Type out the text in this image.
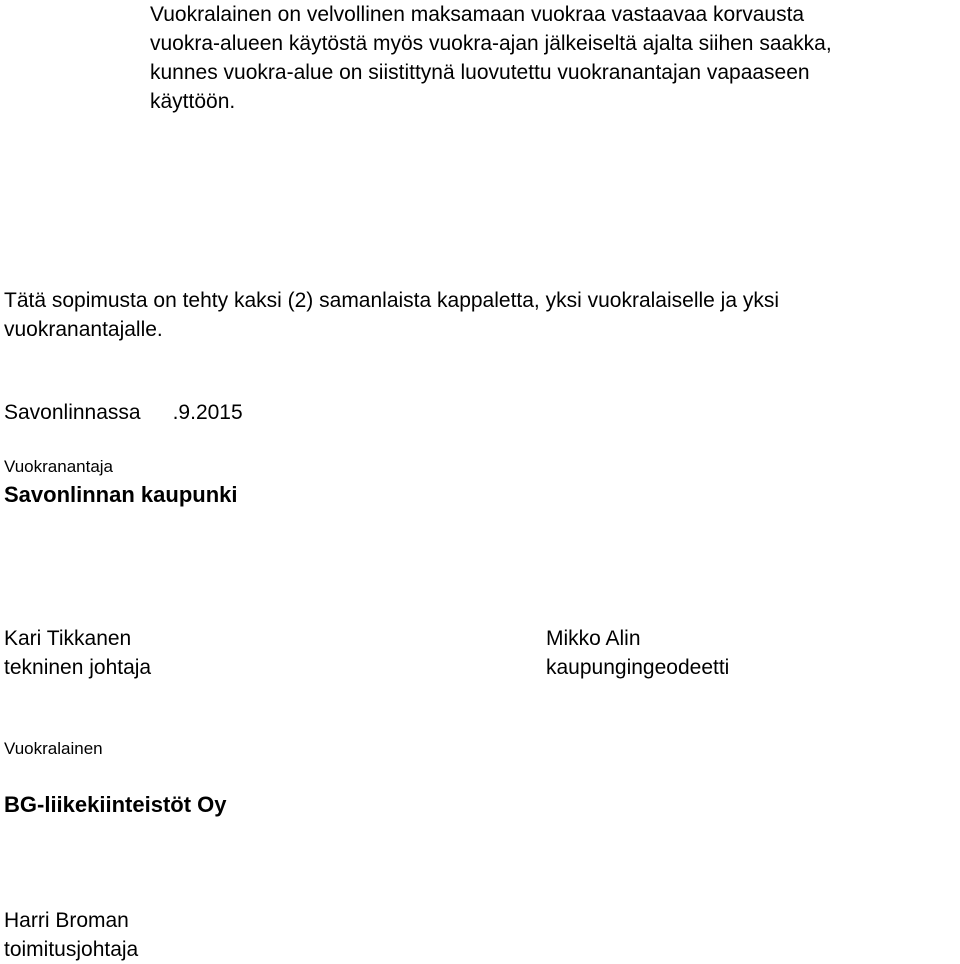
Vuokralainen on velvollinen maksamaan vuokraa vastaavaa korvausta
vuokra-alueen käytöstä myös vuokra-ajan jälkeiseltä ajalta siihen saakka,
kunnes vuokra-alue on siistittynä luovutettu vuokranantajan vapaaseen
käyttöön.
Tätä sopimusta on tehty kaksi (2) samanlaista kappaletta, yksi vuokralaiselle ja yksi
vuokranantajalle.
Savonlinnassa .9.2015
Vuokranantaja
Savonlinnan kaupunki
Kari Tikkanen
tekninen johtaja
Mikko Alin
kaupungingeodeetti
Vuokralainen
BG-liikekiinteistöt Oy
Harri Broman
toimitusjohtaja
